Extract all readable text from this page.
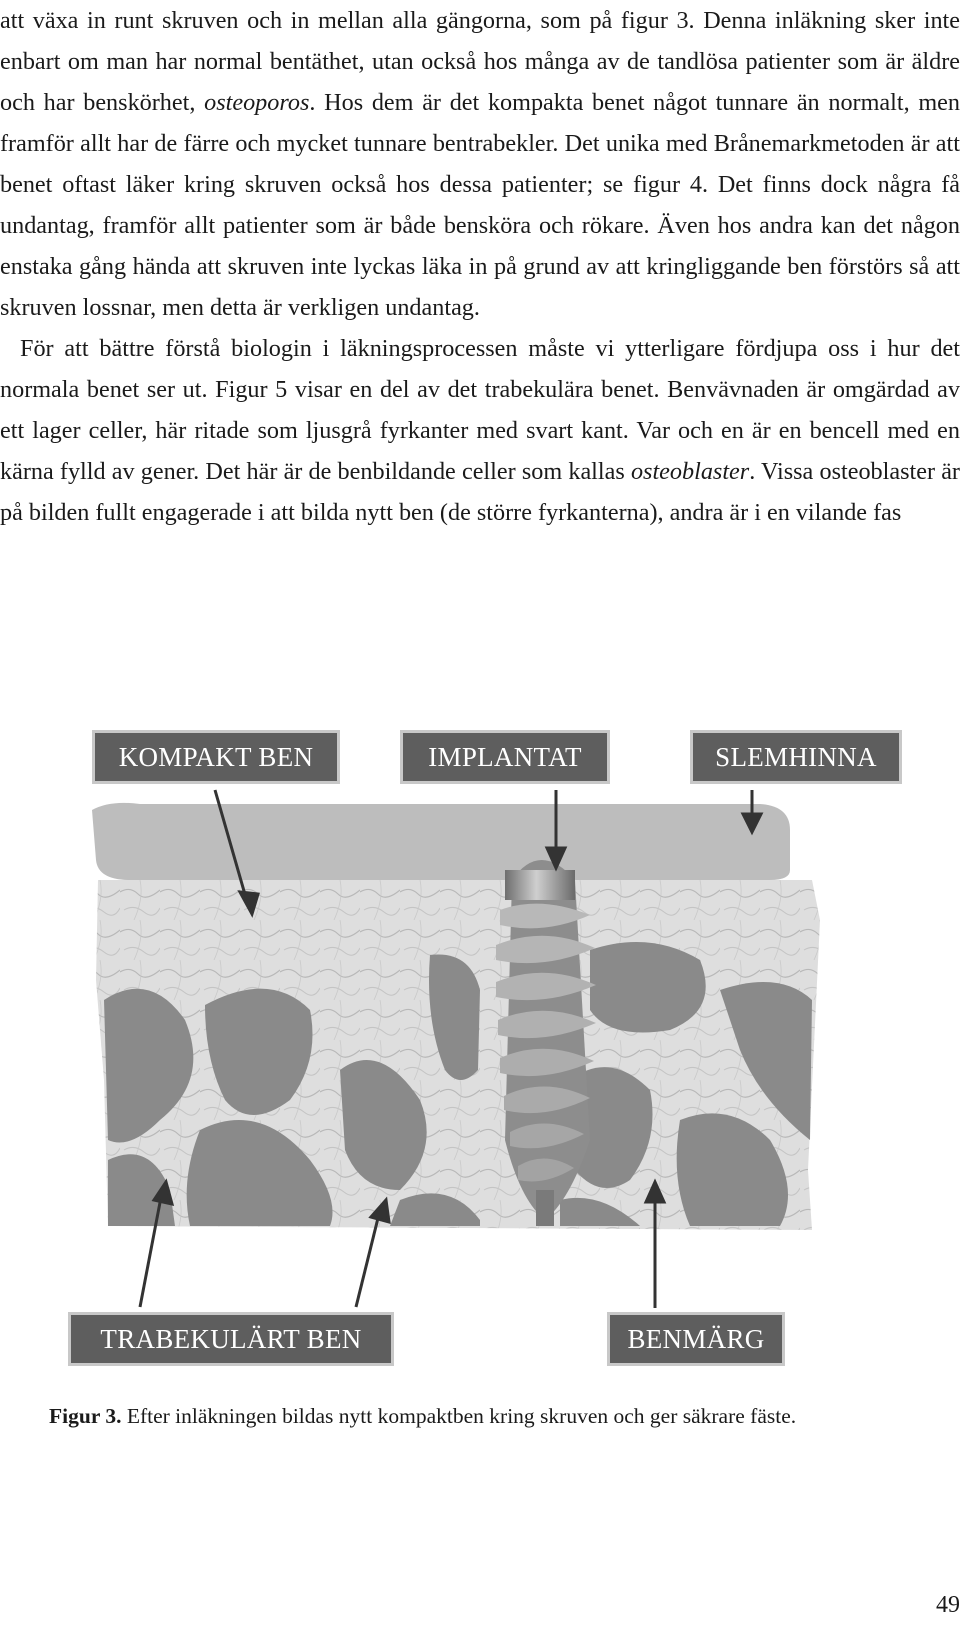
att växa in runt skruven och in mellan alla gängorna, som på figur 3. Denna inläkning sker inte enbart om man har normal bentäthet, utan också hos många av de tandlösa patienter som är äldre och har benskörhet, osteoporos. Hos dem är det kompakta benet något tunnare än normalt, men framför allt har de färre och mycket tunnare bentrabekler. Det unika med Brånemarkmetoden är att benet oftast läker kring skruven också hos dessa patienter; se figur 4. Det finns dock några få undantag, framför allt patienter som är både bensköra och rökare. Även hos andra kan det någon enstaka gång hända att skruven inte lyckas läka in på grund av att kringliggande ben förstörs så att skruven lossnar, men detta är verkligen undantag.

För att bättre förstå biologin i läkningsprocessen måste vi ytterligare fördjupa oss i hur det normala benet ser ut. Figur 5 visar en del av det trabekulära benet. Benvävnaden är omgärdad av ett lager celler, här ritade som ljusgrå fyrkanter med svart kant. Var och en är en bencell med en kärna fylld av gener. Det här är de benbildande celler som kallas osteoblaster. Vissa osteoblaster är på bilden fullt engagerade i att bilda nytt ben (de större fyrkanterna), andra är i en vilande fas

KOMPAKT BEN	IMPLANTAT	SLEMHINNA
TRABEKULÄRT BEN	BENMÄRG

Figur 3. Efter inläkningen bildas nytt kompaktben kring skruven och ger säkrare fäste.

49
